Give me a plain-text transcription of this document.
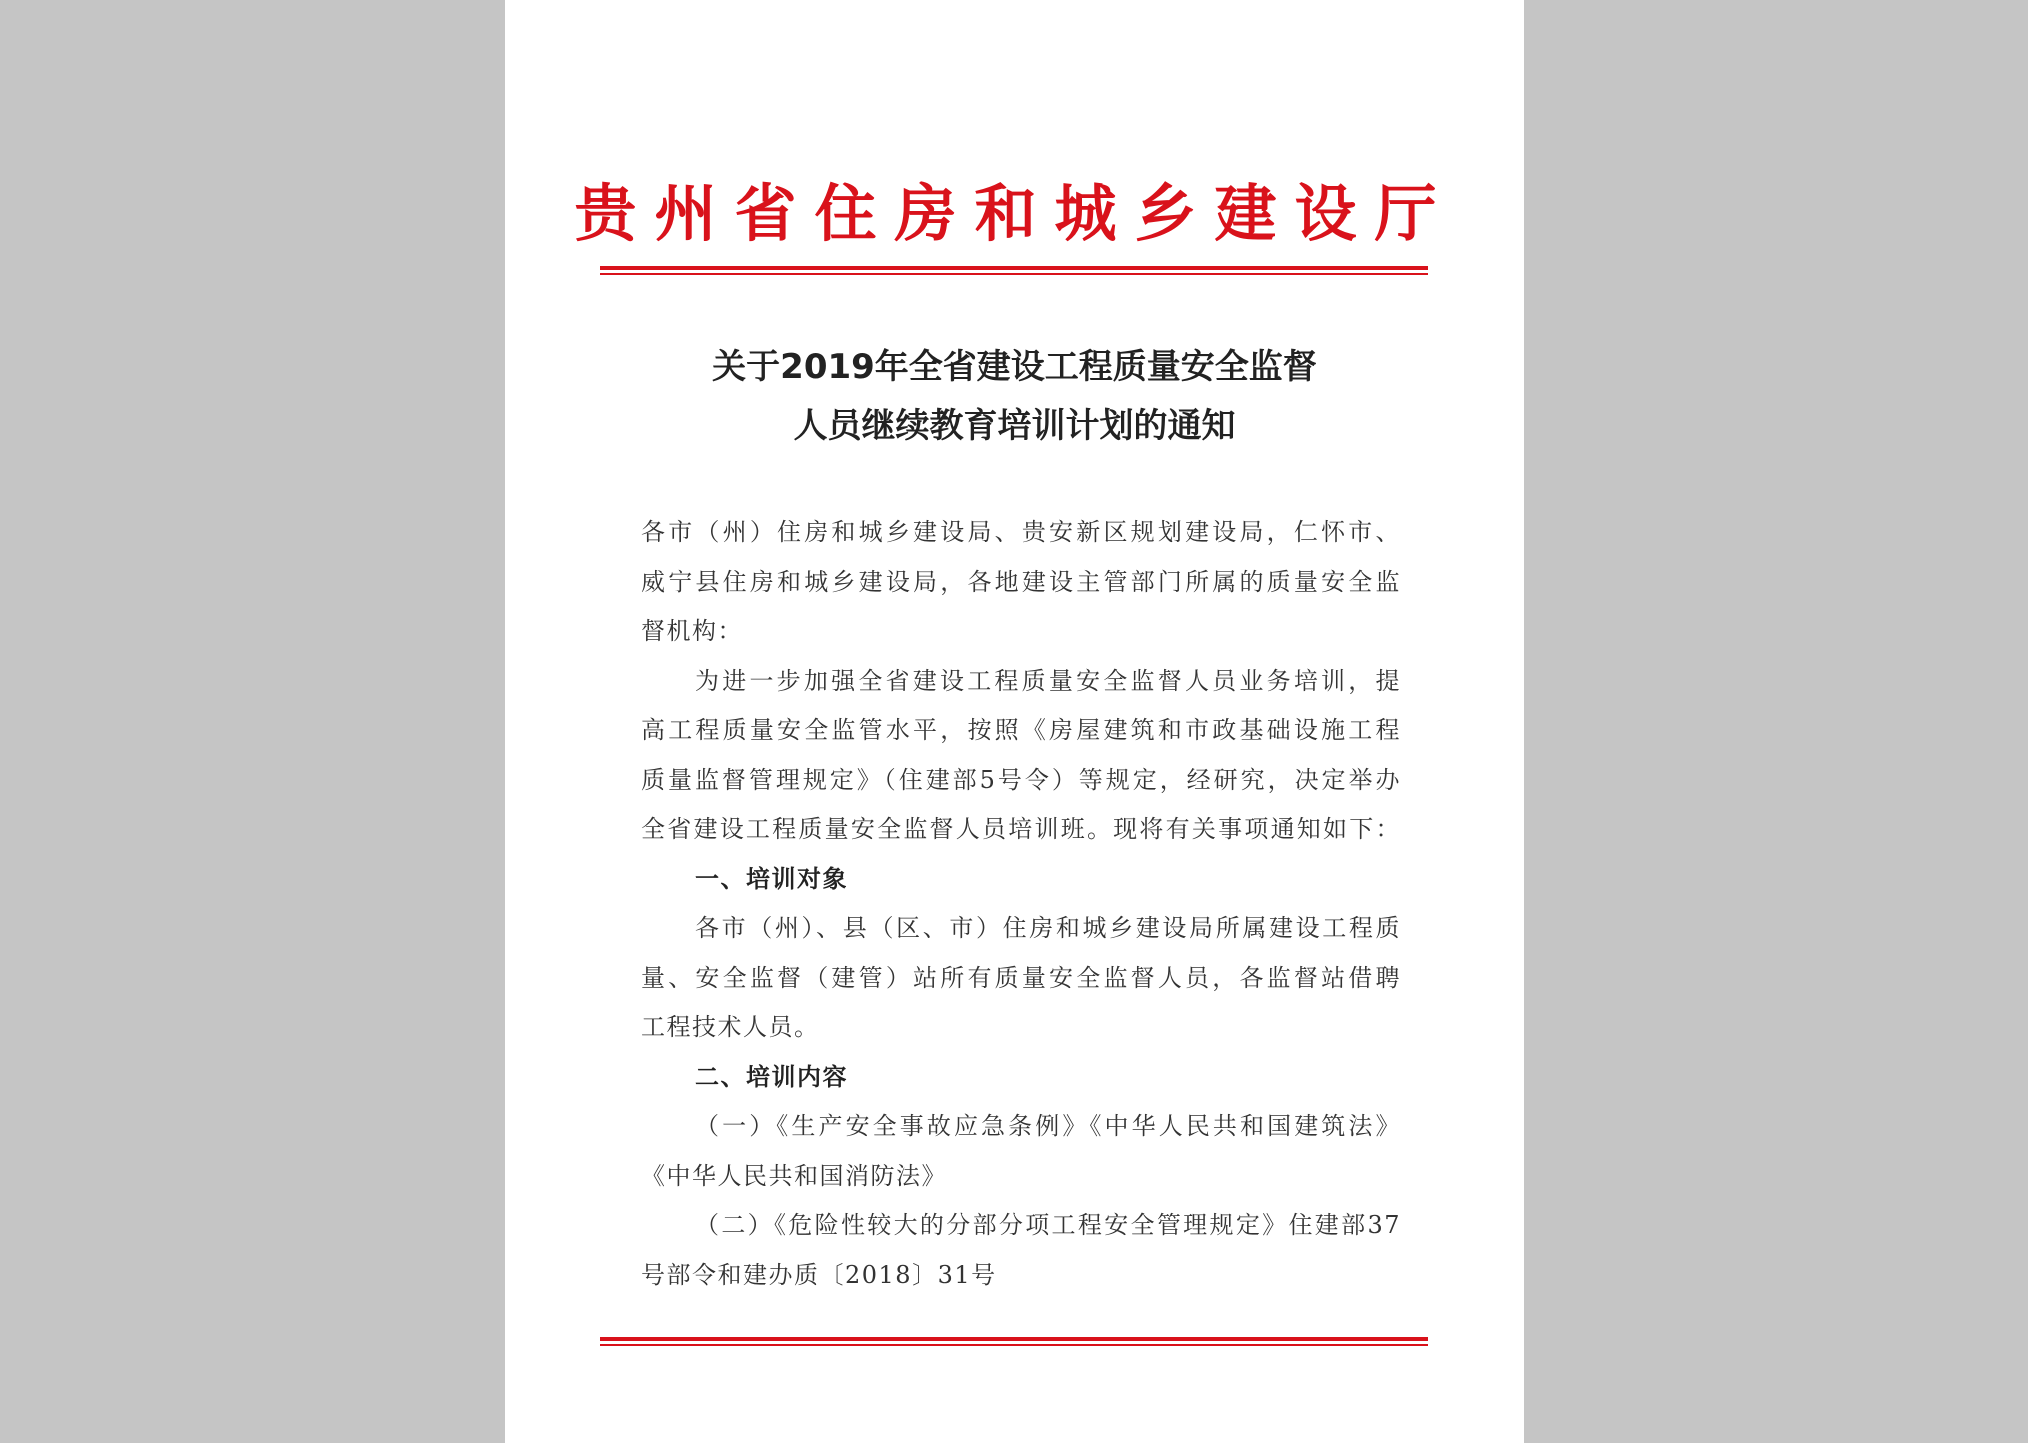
贵州省住房和城乡建设厅
关于2019年全省建设工程质量安全监督
人员继续教育培训计划的通知
各市（州）住房和城乡建设局、贵安新区规划建设局，仁怀市、
威宁县住房和城乡建设局，各地建设主管部门所属的质量安全监
督机构：
为进一步加强全省建设工程质量安全监督人员业务培训，提
高工程质量安全监管水平，按照《房屋建筑和市政基础设施工程
质量监督管理规定》（住建部5号令）等规定，经研究，决定举办
全省建设工程质量安全监督人员培训班。现将有关事项通知如下：
一、培训对象
各市（州）、县（区、市）住房和城乡建设局所属建设工程质
量、安全监督（建管）站所有质量安全监督人员，各监督站借聘
工程技术人员。
二、培训内容
（一）《生产安全事故应急条例》《中华人民共和国建筑法》
《中华人民共和国消防法》
（二）《危险性较大的分部分项工程安全管理规定》住建部37
号部令和建办质〔2018〕31号
